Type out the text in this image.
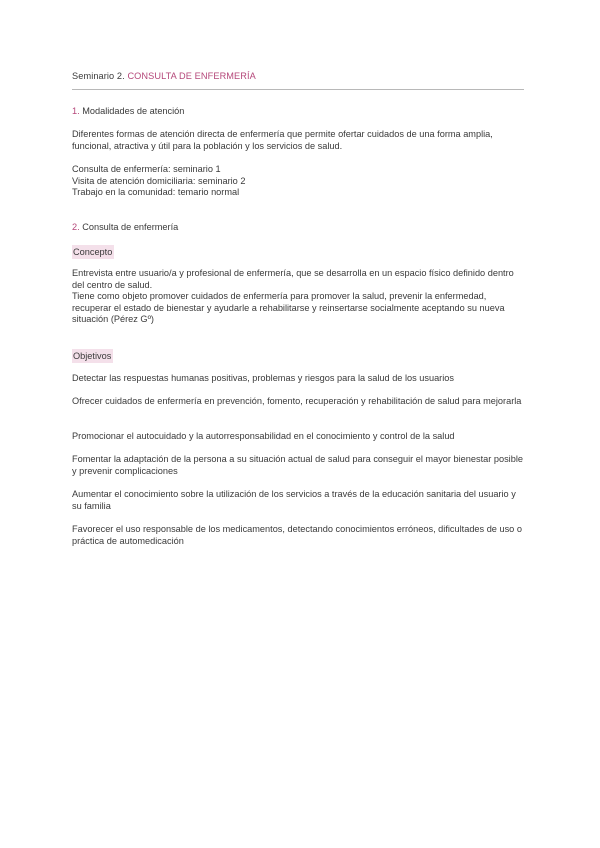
Seminario 2. CONSULTA DE ENFERMERÍA
1. Modalidades de atención

Diferentes formas de atención directa de enfermería que permite ofertar cuidados de una forma amplia, funcional, atractiva y útil para la población y los servicios de salud.

Consulta de enfermería: seminario 1

Visita de atención domiciliaria: seminario 2

Trabajo en la comunidad: temario normal

2. Consulta de enfermería
Concepto

Entrevista entre usuario/a y profesional de enfermería, que se desarrolla en un espacio físico definido dentro del centro de salud.

Tiene como objeto promover cuidados de enfermería para promover la salud, prevenir la enfermedad, recuperar el estado de bienestar y ayudarle a rehabilitarse y reinsertarse socialmente aceptando su nueva situación (Pérez Gº)

Objetivos

Detectar las respuestas humanas positivas, problemas y riesgos para la salud de los usuarios

Ofrecer cuidados de enfermería en prevención, fomento, recuperación y rehabilitación de salud para mejorarla

Promocionar el autocuidado y la autorresponsabilidad en el conocimiento y control de la salud

Fomentar la adaptación de la persona a su situación actual de salud para conseguir el mayor bienestar posible y prevenir complicaciones

Aumentar el conocimiento sobre la utilización de los servicios a través de la educación sanitaria del usuario y su familia

Favorecer el uso responsable de los medicamentos, detectando conocimientos erróneos, dificultades de uso o práctica de automedicación
